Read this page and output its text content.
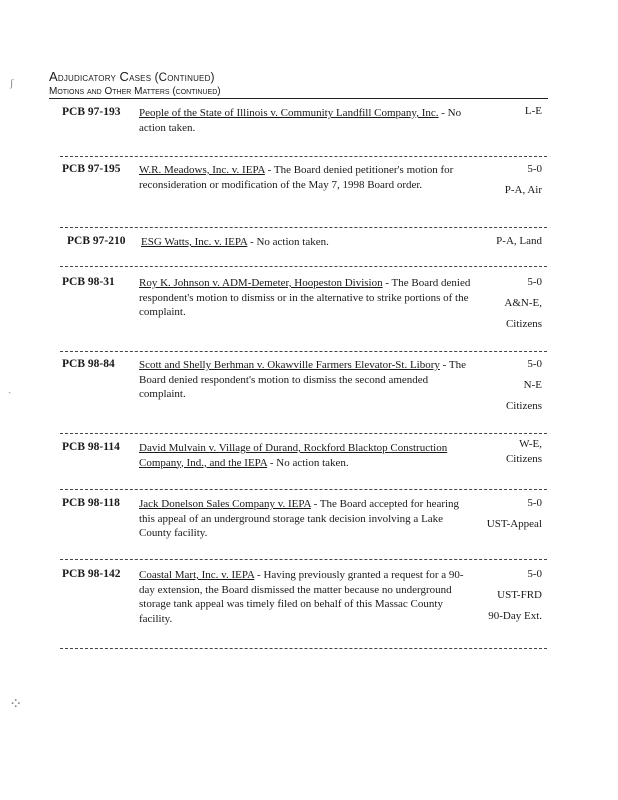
Adjudicatory Cases (Continued)
Motions and Other Matters (continued)
PCB 97-193	People of the State of Illinois v. Community Landfill Company, Inc. - No action taken.
L-E
PCB 97-195	W.R. Meadows, Inc. v. IEPA - The Board denied petitioner's motion for reconsideration or modification of the May 7, 1998 Board order.
5-0
P-A, Air
PCB 97-210	ESG Watts, Inc. v. IEPA - No action taken.	P-A, Land
PCB 98-31	Roy K. Johnson v. ADM-Demeter, Hoopeston Division - The Board denied respondent's motion to dismiss or in the alternative to strike portions of the complaint.
5-0
A&N-E,
Citizens
PCB 98-84	Scott and Shelly Berhman v. Okawville Farmers Elevator-St. Libory - The Board denied respondent's motion to dismiss the second amended complaint.
5-0
N-E
Citizens
PCB 98-114	David Mulvain v. Village of Durand, Rockford Blacktop Construction Company, Ind., and the IEPA - No action taken.
W-E,
Citizens
PCB 98-118	Jack Donelson Sales Company v. IEPA - The Board accepted for hearing this appeal of an underground storage tank decision involving a Lake County facility.
5-0
UST-Appeal
PCB 98-142	Coastal Mart, Inc. v. IEPA - Having previously granted a request for a 90-day extension, the Board dismissed the matter because no underground storage tank appeal was timely filed on behalf of this Massac County facility.
5-0
UST-FRD
90-Day Ext.
ʃ
ˎ
⁘
